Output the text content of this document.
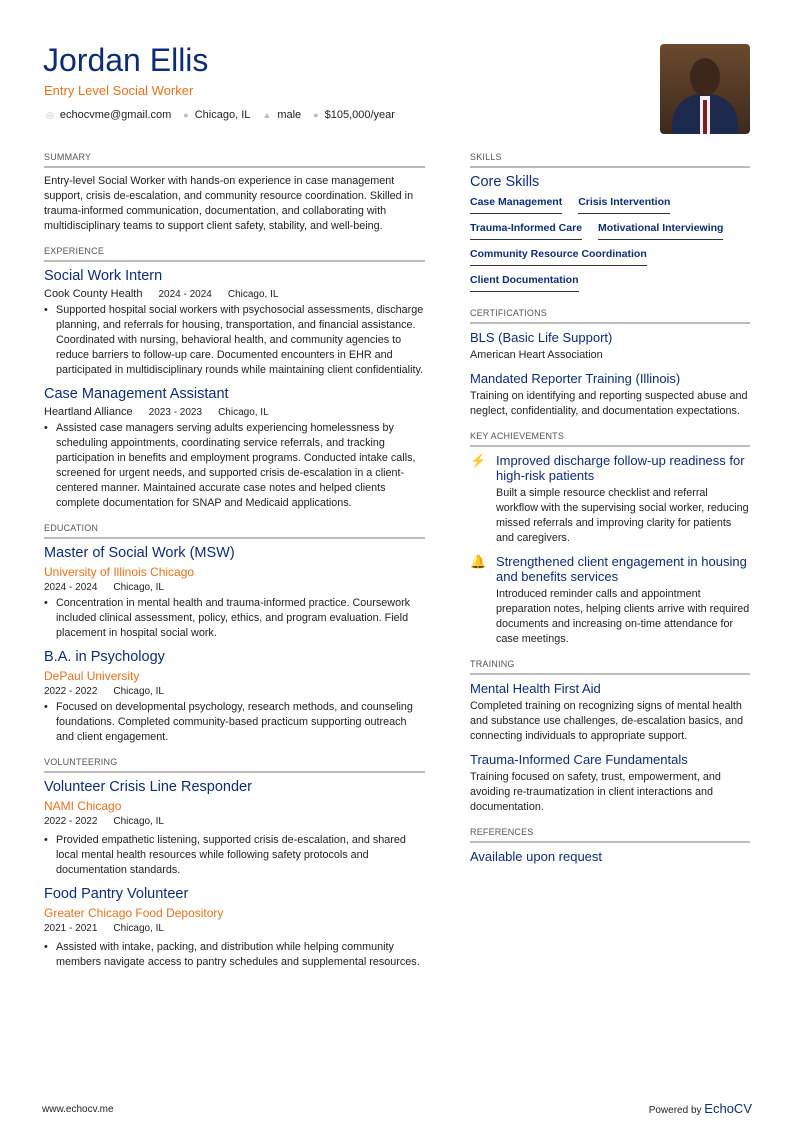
Jordan Ellis
Entry Level Social Worker
◎ echocvme@gmail.com ● Chicago, IL ▲ male ● $105,000/year
SUMMARY
Entry-level Social Worker with hands-on experience in case management support, crisis de-escalation, and community resource coordination. Skilled in trauma-informed communication, documentation, and collaborating with multidisciplinary teams to support client safety, stability, and well-being.
EXPERIENCE
Social Work Intern
Cook County Health 2024 - 2024 Chicago, IL
• Supported hospital social workers with psychosocial assessments, discharge planning, and referrals for housing, transportation, and financial assistance. Coordinated with nursing, behavioral health, and community agencies to reduce barriers to follow-up care. Documented encounters in EHR and participated in multidisciplinary rounds while maintaining client confidentiality.
Case Management Assistant
Heartland Alliance 2023 - 2023 Chicago, IL
• Assisted case managers serving adults experiencing homelessness by scheduling appointments, coordinating service referrals, and tracking participation in benefits and employment programs. Conducted intake calls, screened for urgent needs, and supported crisis de-escalation in a client-centered manner. Maintained accurate case notes and helped clients complete documentation for SNAP and Medicaid applications.
EDUCATION
Master of Social Work (MSW)
University of Illinois Chicago
2024 - 2024 Chicago, IL
• Concentration in mental health and trauma-informed practice. Coursework included clinical assessment, policy, ethics, and program evaluation. Field placement in hospital social work.
B.A. in Psychology
DePaul University
2022 - 2022 Chicago, IL
• Focused on developmental psychology, research methods, and counseling foundations. Completed community-based practicum supporting outreach and client engagement.
VOLUNTEERING
Volunteer Crisis Line Responder
NAMI Chicago
2022 - 2022 Chicago, IL
• Provided empathetic listening, supported crisis de-escalation, and shared local mental health resources while following safety protocols and documentation standards.
Food Pantry Volunteer
Greater Chicago Food Depository
2021 - 2021 Chicago, IL
• Assisted with intake, packing, and distribution while helping community members navigate access to pantry schedules and supplemental resources.
SKILLS
Core Skills
Case Management Crisis Intervention
Trauma-Informed Care Motivational Interviewing
Community Resource Coordination
Client Documentation
CERTIFICATIONS
BLS (Basic Life Support)
American Heart Association
Mandated Reporter Training (Illinois)
Training on identifying and reporting suspected abuse and neglect, confidentiality, and documentation expectations.
KEY ACHIEVEMENTS
⚡ Improved discharge follow-up readiness for high-risk patients
Built a simple resource checklist and referral workflow with the supervising social worker, reducing missed referrals and improving clarity for patients and caregivers.
🔔 Strengthened client engagement in housing and benefits services
Introduced reminder calls and appointment preparation notes, helping clients arrive with required documents and increasing on-time attendance for case meetings.
TRAINING
Mental Health First Aid
Completed training on recognizing signs of mental health and substance use challenges, de-escalation basics, and connecting individuals to appropriate support.
Trauma-Informed Care Fundamentals
Training focused on safety, trust, empowerment, and avoiding re-traumatization in client interactions and documentation.
REFERENCES
Available upon request
www.echocv.me	Powered by EchoCV
